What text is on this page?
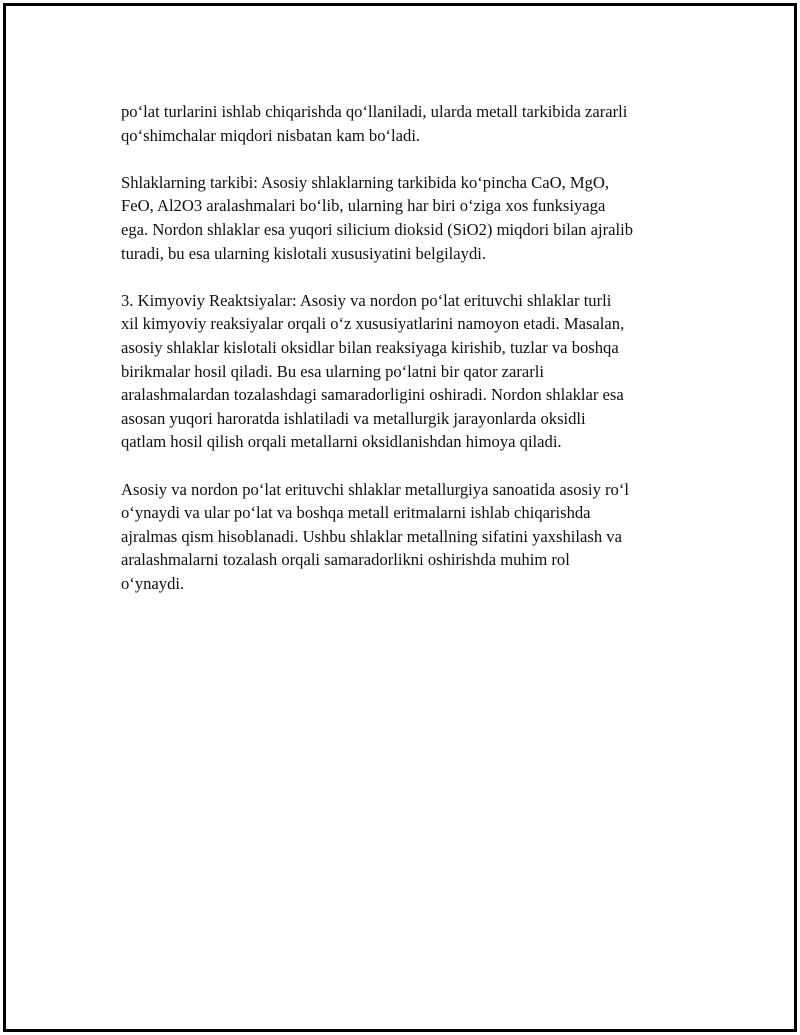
po‘lat turlarini ishlab chiqarishda qo‘llaniladi, ularda metall tarkibida zararli
qo‘shimchalar miqdori nisbatan kam bo‘ladi.

Shlaklarning tarkibi: Asosiy shlaklarning tarkibida ko‘pincha CaO, MgO,
FeO, Al2O3 aralashmalari bo‘lib, ularning har biri o‘ziga xos funksiyaga
ega. Nordon shlaklar esa yuqori silicium dioksid (SiO2) miqdori bilan ajralib
turadi, bu esa ularning kislotali xususiyatini belgilaydi.

3. Kimyoviy Reaktsiyalar: Asosiy va nordon po‘lat erituvchi shlaklar turli
xil kimyoviy reaksiyalar orqali o‘z xususiyatlarini namoyon etadi. Masalan,
asosiy shlaklar kislotali oksidlar bilan reaksiyaga kirishib, tuzlar va boshqa
birikmalar hosil qiladi. Bu esa ularning po‘latni bir qator zararli
aralashmalardan tozalashdagi samaradorligini oshiradi. Nordon shlaklar esa
asosan yuqori haroratda ishlatiladi va metallurgik jarayonlarda oksidli
qatlam hosil qilish orqali metallarni oksidlanishdan himoya qiladi.

Asosiy va nordon po‘lat erituvchi shlaklar metallurgiya sanoatida asosiy ro‘l
o‘ynaydi va ular po‘lat va boshqa metall eritmalarni ishlab chiqarishda
ajralmas qism hisoblanadi. Ushbu shlaklar metallning sifatini yaxshilash va
aralashmalarni tozalash orqali samaradorlikni oshirishda muhim rol
o‘ynaydi.
